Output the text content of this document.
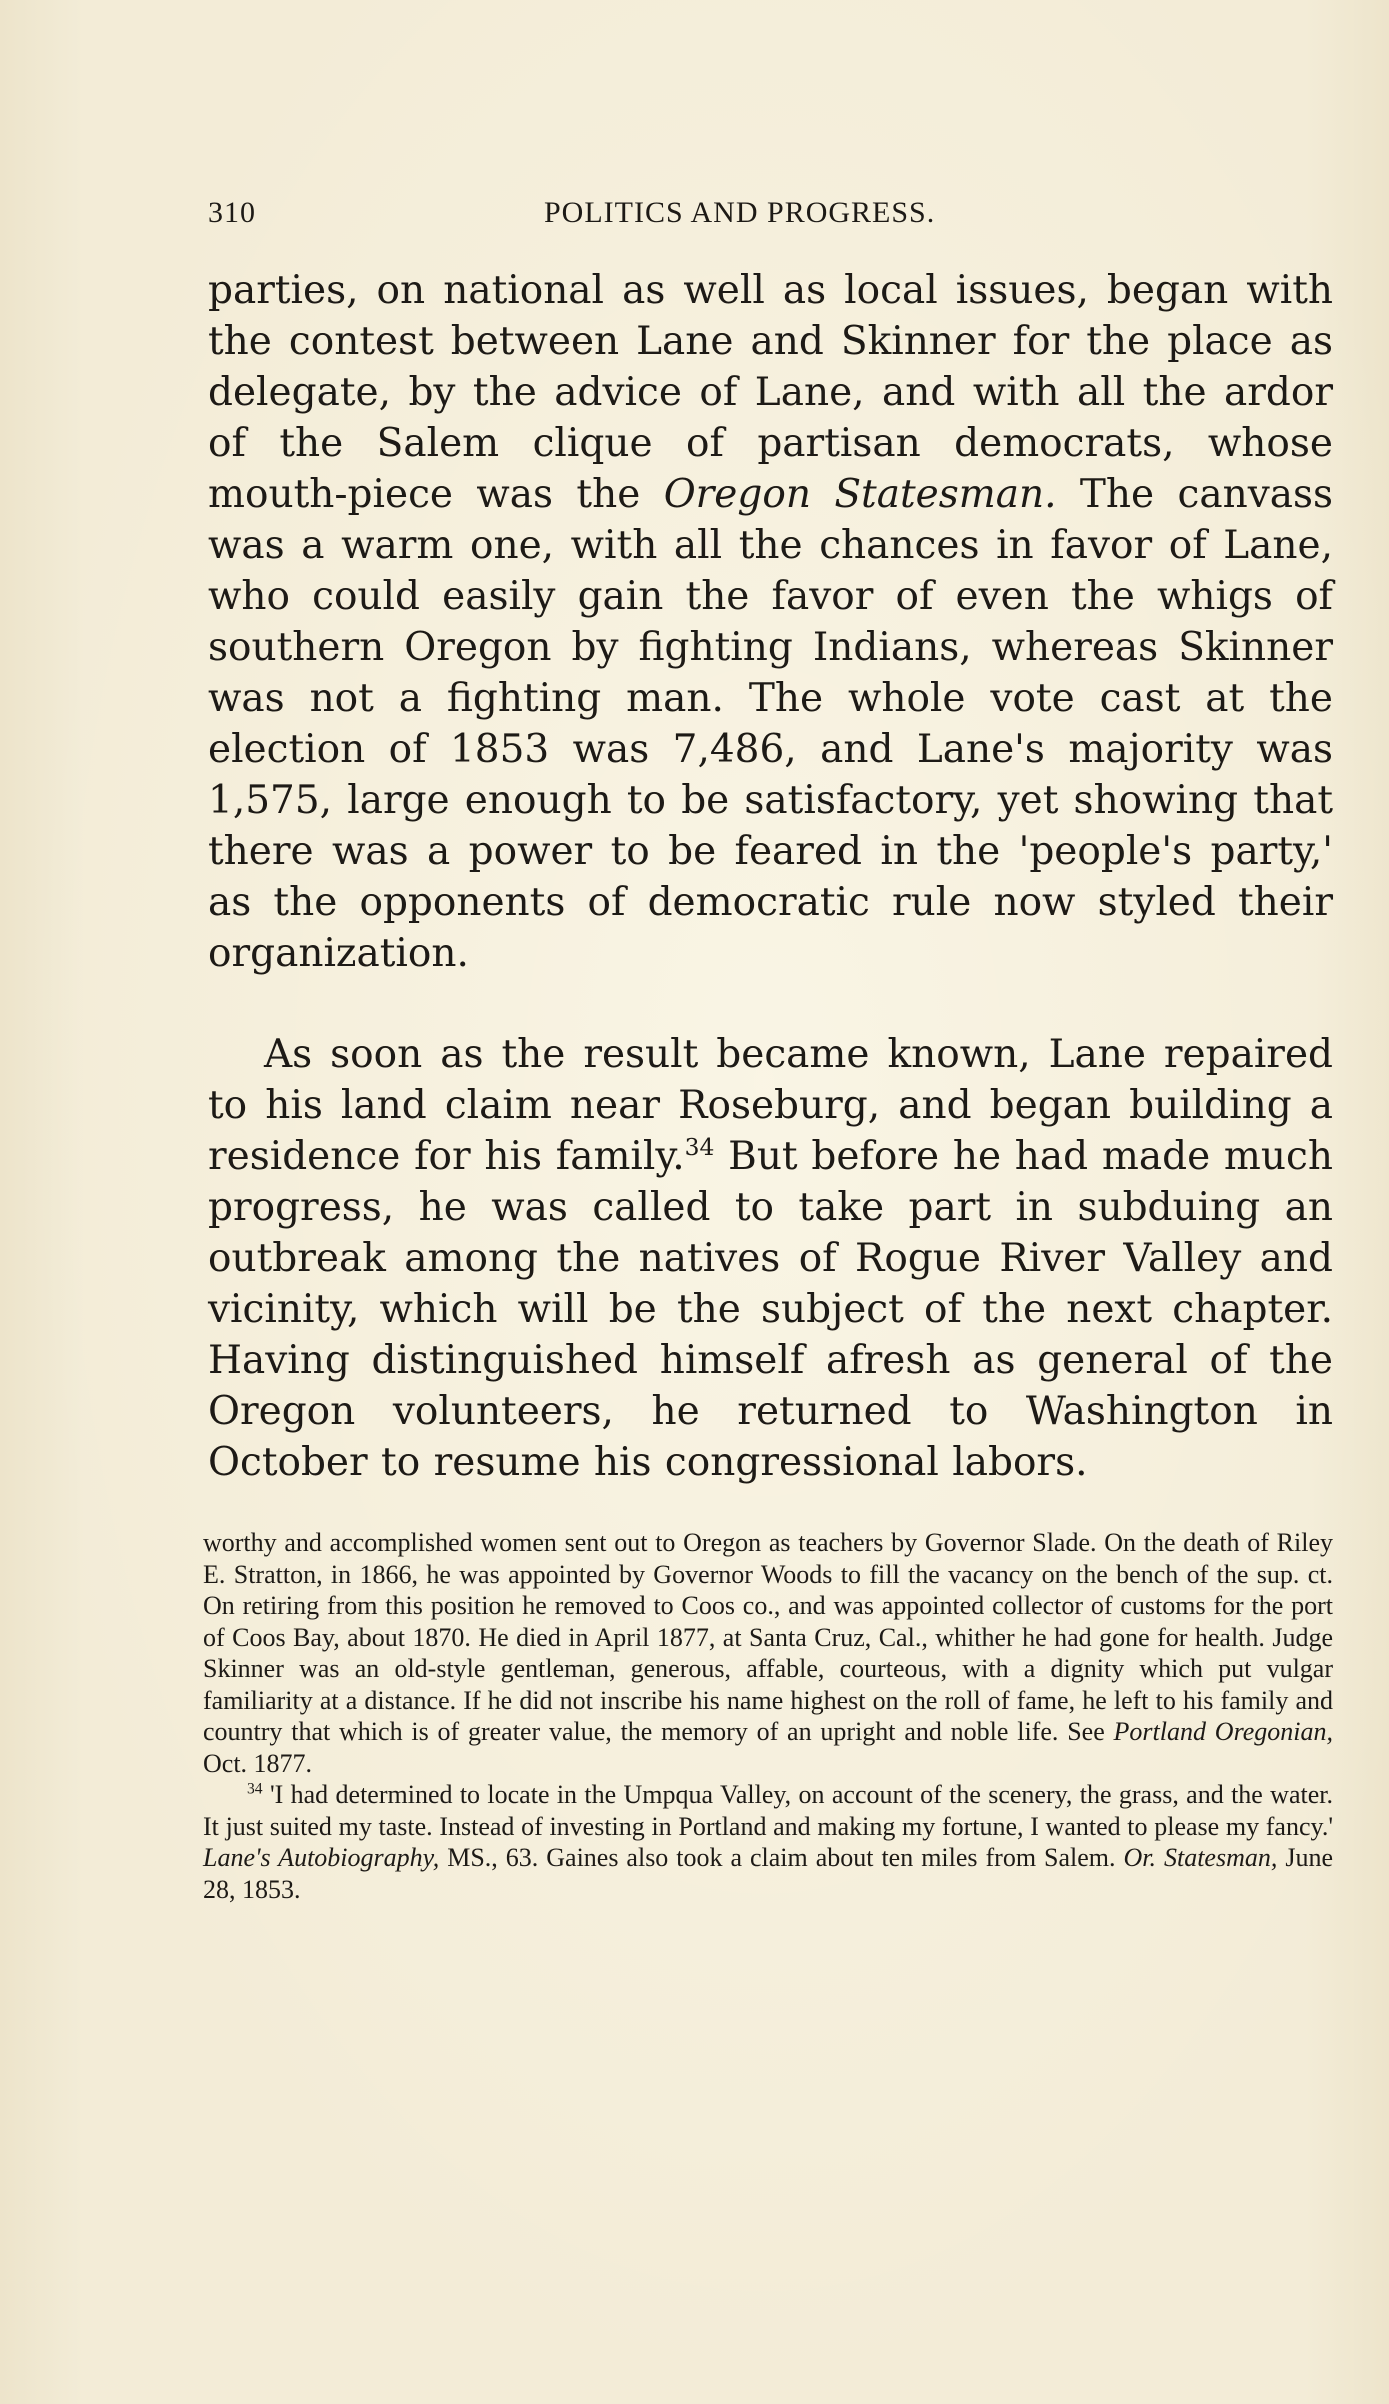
310	POLITICS AND PROGRESS.

parties, on national as well as local issues, began with the contest between Lane and Skinner for the place as delegate, by the advice of Lane, and with all the ardor of the Salem clique of partisan democrats, whose mouth-piece was the Oregon Statesman. The canvass was a warm one, with all the chances in favor of Lane, who could easily gain the favor of even the whigs of southern Oregon by fighting Indians, whereas Skinner was not a fighting man. The whole vote cast at the election of 1853 was 7,486, and Lane's majority was 1,575, large enough to be satisfactory, yet showing that there was a power to be feared in the 'people's party,' as the opponents of democratic rule now styled their organization.

As soon as the result became known, Lane repaired to his land claim near Roseburg, and began building a residence for his family.$^{34}$ But before he had made much progress, he was called to take part in subduing an outbreak among the natives of Rogue River Valley and vicinity, which will be the subject of the next chapter. Having distinguished himself afresh as general of the Oregon volunteers, he returned to Washington in October to resume his congressional labors.

worthy and accomplished women sent out to Oregon as teachers by Governor Slade. On the death of Riley E. Stratton, in 1866, he was appointed by Governor Woods to fill the vacancy on the bench of the sup. ct. On retiring from this position he removed to Coos co., and was appointed collector of customs for the port of Coos Bay, about 1870. He died in April 1877, at Santa Cruz, Cal., whither he had gone for health. Judge Skinner was an old-style gentleman, generous, affable, courteous, with a dignity which put vulgar familiarity at a distance. If he did not inscribe his name highest on the roll of fame, he left to his family and country that which is of greater value, the memory of an upright and noble life. See Portland Oregonian, Oct. 1877.

$^{34}$ 'I had determined to locate in the Umpqua Valley, on account of the scenery, the grass, and the water. It just suited my taste. Instead of investing in Portland and making my fortune, I wanted to please my fancy.' Lane's Autobiography, MS., 63. Gaines also took a claim about ten miles from Salem. Or. Statesman, June 28, 1853.
